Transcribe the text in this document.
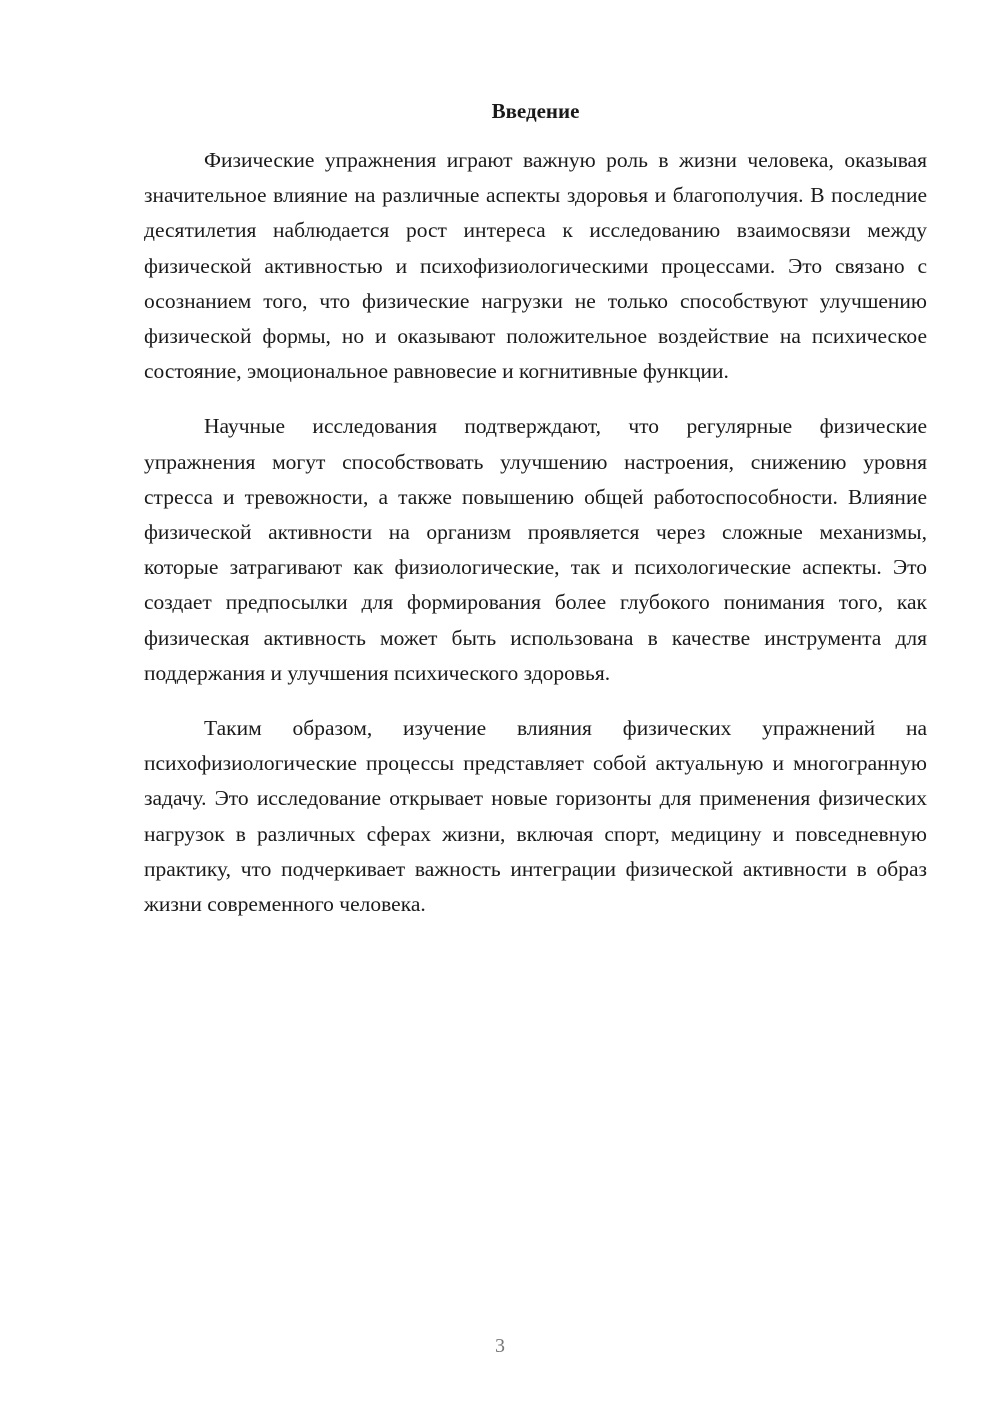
Введение

Физические упражнения играют важную роль в жизни человека, оказывая значительное влияние на различные аспекты здоровья и благополучия. В последние десятилетия наблюдается рост интереса к исследованию взаимосвязи между физической активностью и психофизиологическими процессами. Это связано с осознанием того, что физические нагрузки не только способствуют улучшению физической формы, но и оказывают положительное воздействие на психическое состояние, эмоциональное равновесие и когнитивные функции.

Научные исследования подтверждают, что регулярные физические упражнения могут способствовать улучшению настроения, снижению уровня стресса и тревожности, а также повышению общей работоспособности. Влияние физической активности на организм проявляется через сложные механизмы, которые затрагивают как физиологические, так и психологические аспекты. Это создает предпосылки для формирования более глубокого понимания того, как физическая активность может быть использована в качестве инструмента для поддержания и улучшения психического здоровья.

Таким образом, изучение влияния физических упражнений на психофизиологические процессы представляет собой актуальную и многогранную задачу. Это исследование открывает новые горизонты для применения физических нагрузок в различных сферах жизни, включая спорт, медицину и повседневную практику, что подчеркивает важность интеграции физической активности в образ жизни современного человека.

3
